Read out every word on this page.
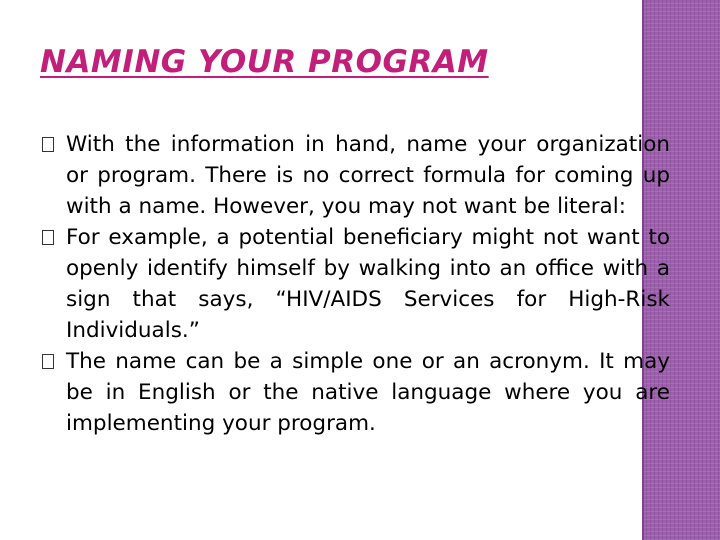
NAMING YOUR PROGRAM
With the information in hand, name your organization or program. There is no correct formula for coming up with a name. However, you may not want be literal:
For example, a potential beneficiary might not want to openly identify himself by walking into an office with a sign that says, “HIV/AIDS Services for High-Risk Individuals.”
The name can be a simple one or an acronym. It may be in English or the native language where you are implementing your program.
